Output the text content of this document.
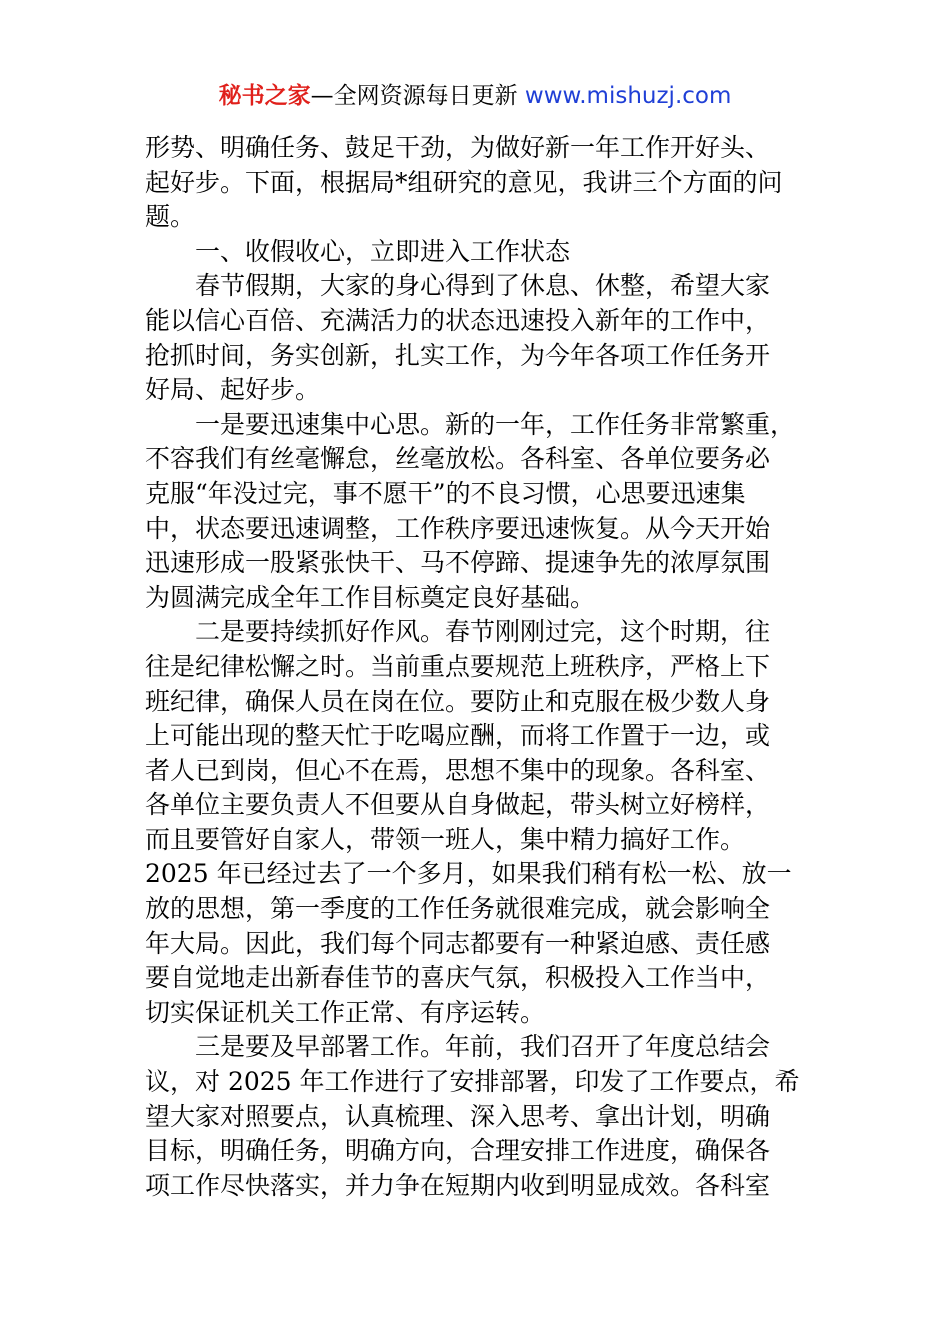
秘书之家—全网资源每日更新 www.mishuzj.com
形势、明确任务、鼓足干劲，为做好新一年工作开好头、
起好步。下面，根据局*组研究的意见，我讲三个方面的问
题。
一、收假收心，立即进入工作状态
春节假期，大家的身心得到了休息、休整，希望大家
能以信心百倍、充满活力的状态迅速投入新年的工作中，
抢抓时间，务实创新，扎实工作，为今年各项工作任务开
好局、起好步。
一是要迅速集中心思。新的一年，工作任务非常繁重，
不容我们有丝毫懈怠，丝毫放松。各科室、各单位要务必
克服“年没过完，事不愿干”的不良习惯，心思要迅速集
中，状态要迅速调整，工作秩序要迅速恢复。从今天开始
迅速形成一股紧张快干、马不停蹄、提速争先的浓厚氛围
为圆满完成全年工作目标奠定良好基础。
二是要持续抓好作风。春节刚刚过完，这个时期，往
往是纪律松懈之时。当前重点要规范上班秩序，严格上下
班纪律，确保人员在岗在位。要防止和克服在极少数人身
上可能出现的整天忙于吃喝应酬，而将工作置于一边，或
者人已到岗，但心不在焉，思想不集中的现象。各科室、
各单位主要负责人不但要从自身做起，带头树立好榜样，
而且要管好自家人，带领一班人，集中精力搞好工作。
2025 年已经过去了一个多月，如果我们稍有松一松、放一
放的思想，第一季度的工作任务就很难完成，就会影响全
年大局。因此，我们每个同志都要有一种紧迫感、责任感
要自觉地走出新春佳节的喜庆气氛，积极投入工作当中，
切实保证机关工作正常、有序运转。
三是要及早部署工作。年前，我们召开了年度总结会
议，对 2025 年工作进行了安排部署，印发了工作要点，希
望大家对照要点，认真梳理、深入思考、拿出计划，明确
目标，明确任务，明确方向，合理安排工作进度，确保各
项工作尽快落实，并力争在短期内收到明显成效。各科室
